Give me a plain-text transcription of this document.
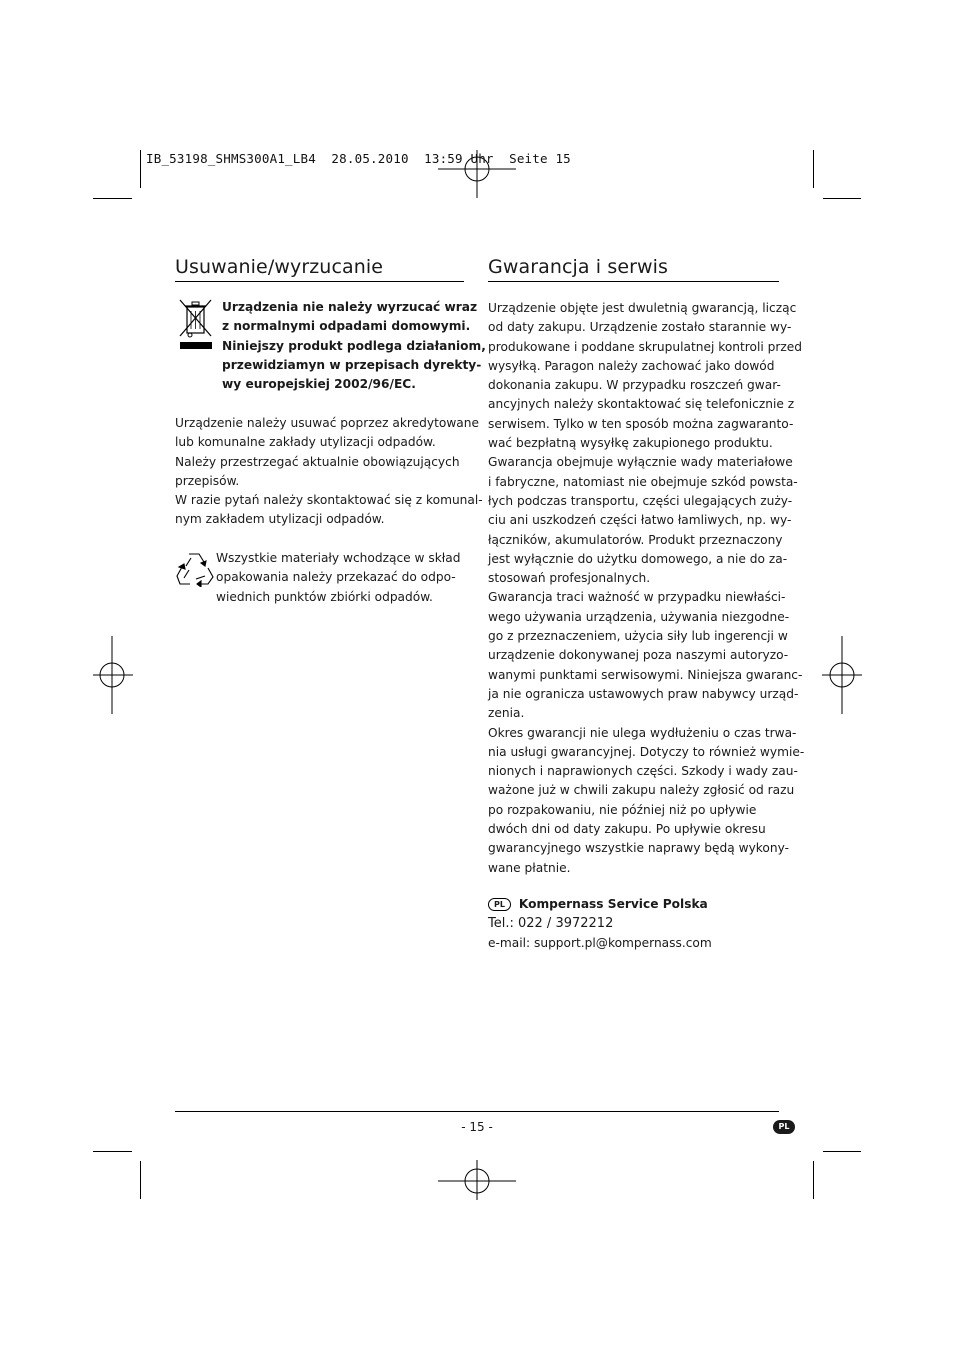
IB_53198_SHMS300A1_LB4  28.05.2010  13:59 Uhr  Seite 15
Usuwanie/wyrzucanie
Urządzenia nie należy wyrzucać wraz
z normalnymi odpadami domowymi.
Niniejszy produkt podlega działaniom,
przewidziamyn w przepisach dyrekty-
wy europejskiej 2002/96/EC.
Urządzenie należy usuwać poprzez akredytowane
lub komunalne zakłady utylizacji odpadów.
Należy przestrzegać aktualnie obowiązujących
przepisów.
W razie pytań należy skontaktować się z komunal-
nym zakładem utylizacji odpadów.
Wszystkie materiały wchodzące w skład
opakowania należy przekazać do odpo-
wiednich punktów zbiórki odpadów.
Gwarancja i serwis
Urządzenie objęte jest dwuletnią gwarancją, licząc
od daty zakupu. Urządzenie zostało starannie wy-
produkowane i poddane skrupulatnej kontroli przed
wysyłką. Paragon należy zachować jako dowód
dokonania zakupu. W przypadku roszczeń gwar-
ancyjnych należy skontaktować się telefonicznie z
serwisem. Tylko w ten sposób można zagwaranto-
wać bezpłatną wysyłkę zakupionego produktu.
Gwarancja obejmuje wyłącznie wady materiałowe
i fabryczne, natomiast nie obejmuje szkód powsta-
łych podczas transportu, części ulegających zuży-
ciu ani uszkodzeń części łatwo łamliwych, np. wy-
łączników, akumulatorów. Produkt przeznaczony
jest wyłącznie do użytku domowego, a nie do za-
stosowań profesjonalnych.
Gwarancja traci ważność w przypadku niewłaści-
wego używania urządzenia, używania niezgodne-
go z przeznaczeniem, użycia siły lub ingerencji w
urządzenie dokonywanej poza naszymi autoryzo-
wanymi punktami serwisowymi. Niniejsza gwaranc-
ja nie ogranicza ustawowych praw nabywcy urząd-
zenia.
Okres gwarancji nie ulega wydłużeniu o czas trwa-
nia usługi gwarancyjnej. Dotyczy to również wymie-
nionych i naprawionych części. Szkody i wady zau-
ważone już w chwili zakupu należy zgłosić od razu
po rozpakowaniu, nie później niż po upływie
dwóch dni od daty zakupu. Po upływie okresu
gwarancyjnego wszystkie naprawy będą wykony-
wane płatnie.
PL Kompernass Service Polska
Tel.: 022 / 3972212
e-mail: support.pl@kompernass.com
- 15 -	PL
